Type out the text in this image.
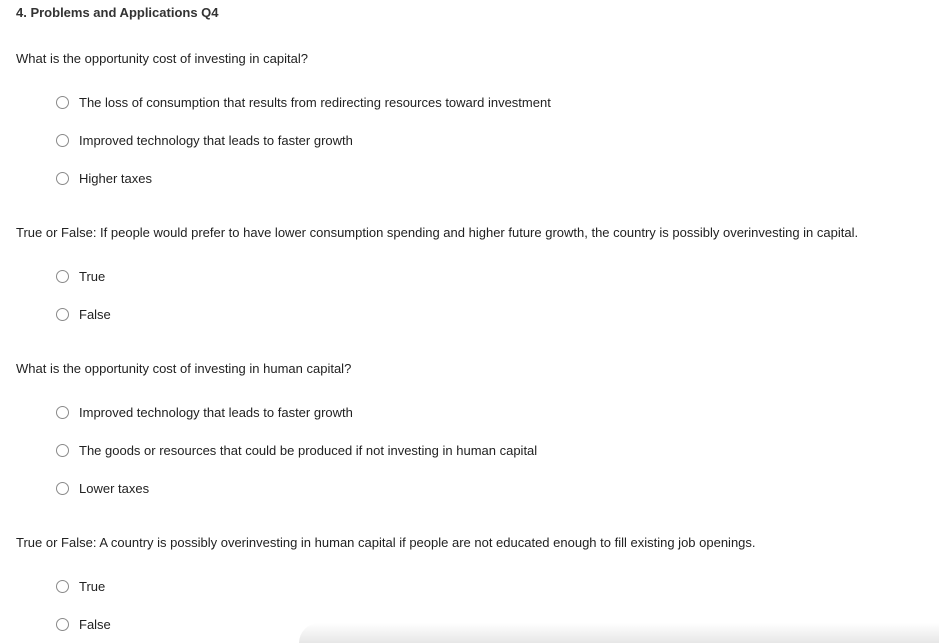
4. Problems and Applications Q4
What is the opportunity cost of investing in capital?
The loss of consumption that results from redirecting resources toward investment
Improved technology that leads to faster growth
Higher taxes
True or False: If people would prefer to have lower consumption spending and higher future growth, the country is possibly overinvesting in capital.
True
False
What is the opportunity cost of investing in human capital?
Improved technology that leads to faster growth
The goods or resources that could be produced if not investing in human capital
Lower taxes
True or False: A country is possibly overinvesting in human capital if people are not educated enough to fill existing job openings.
True
False
